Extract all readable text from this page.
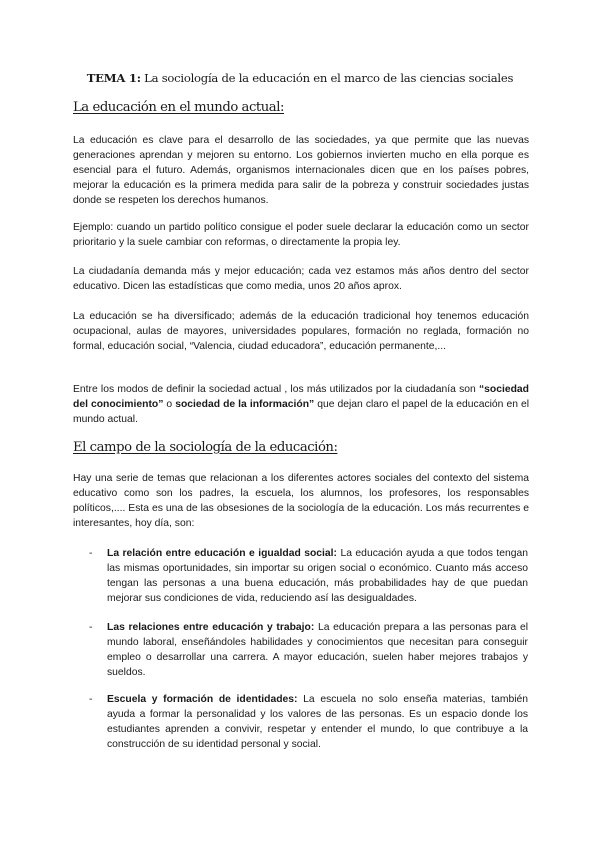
TEMA 1: La sociología de la educación en el marco de las ciencias sociales
La educación en el mundo actual:

La educación es clave para el desarrollo de las sociedades, ya que permite que las nuevas generaciones aprendan y mejoren su entorno. Los gobiernos invierten mucho en ella porque es esencial para el futuro. Además, organismos internacionales dicen que en los países pobres, mejorar la educación es la primera medida para salir de la pobreza y construir sociedades justas donde se respeten los derechos humanos.

Ejemplo: cuando un partido político consigue el poder suele declarar la educación como un sector prioritario y la suele cambiar con reformas, o directamente la propia ley.

La ciudadanía demanda más y mejor educación; cada vez estamos más años dentro del sector educativo. Dicen las estadísticas que como media, unos 20 años aprox.

La educación se ha diversificado; además de la educación tradicional hoy tenemos educación ocupacional, aulas de mayores, universidades populares, formación no reglada, formación no formal, educación social, “Valencia, ciudad educadora”, educación permanente,...

Entre los modos de definir la sociedad actual , los más utilizados por la ciudadanía son “sociedad del conocimiento” o sociedad de la información” que dejan claro el papel de la educación en el mundo actual.

El campo de la sociología de la educación:

Hay una serie de temas que relacionan a los diferentes actores sociales del contexto del sistema educativo como son los padres, la escuela, los alumnos, los profesores, los responsables políticos,.... Esta es una de las obsesiones de la sociología de la educación. Los más recurrentes e interesantes, hoy día, son:

- La relación entre educación e igualdad social: La educación ayuda a que todos tengan las mismas oportunidades, sin importar su origen social o económico. Cuanto más acceso tengan las personas a una buena educación, más probabilidades hay de que puedan mejorar sus condiciones de vida, reduciendo así las desigualdades.

- Las relaciones entre educación y trabajo: La educación prepara a las personas para el mundo laboral, enseñándoles habilidades y conocimientos que necesitan para conseguir empleo o desarrollar una carrera. A mayor educación, suelen haber mejores trabajos y sueldos.

- Escuela y formación de identidades: La escuela no solo enseña materias, también ayuda a formar la personalidad y los valores de las personas. Es un espacio donde los estudiantes aprenden a convivir, respetar y entender el mundo, lo que contribuye a la construcción de su identidad personal y social.
